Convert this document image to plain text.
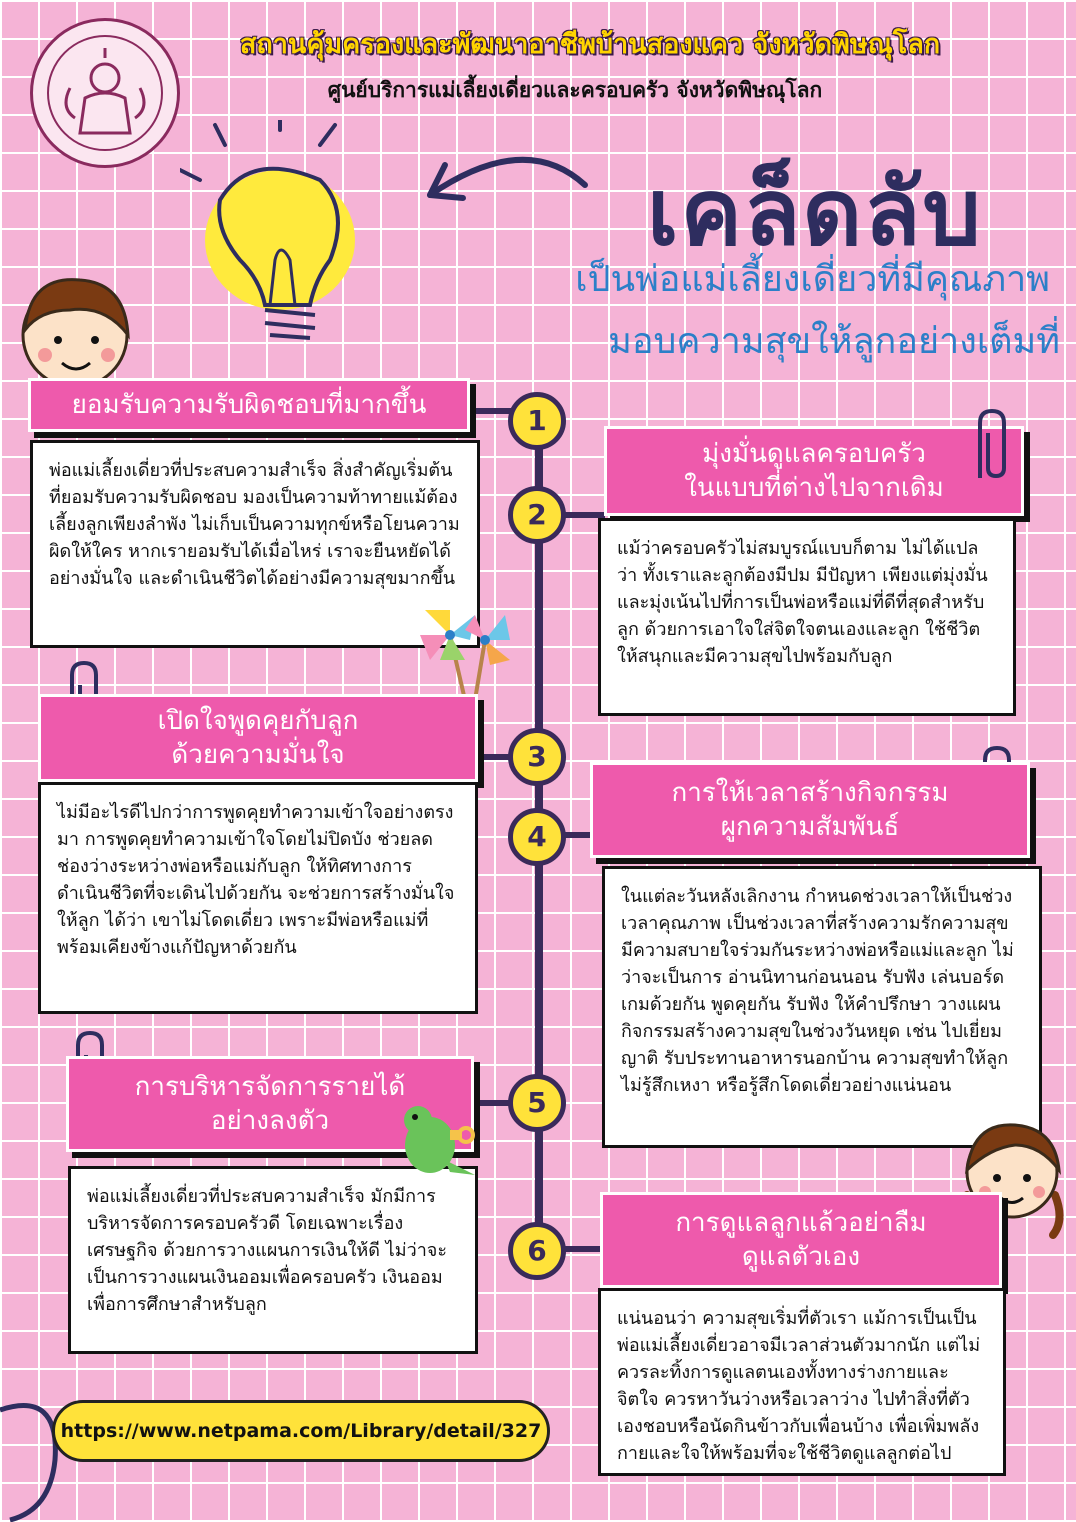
สถานคุ้มครองและพัฒนาอาชีพบ้านสองแคว จังหวัดพิษณุโลก
ศูนย์บริการแม่เลี้ยงเดี่ยวและครอบครัว จังหวัดพิษณุโลก
เคล็ดลับ
เป็นพ่อแม่เลี้ยงเดี่ยวที่มีคุณภาพ
มอบความสุขให้ลูกอย่างเต็มที่
1
2
3
4
5
6
ยอมรับความรับผิดชอบที่มากขึ้น
พ่อแม่เลี้ยงเดี่ยวที่ประสบความสำเร็จ สิ่งสำคัญเริ่มต้นที่ยอมรับความรับผิดชอบ มองเป็นความท้าทายแม้ต้องเลี้ยงลูกเพียงลำพัง ไม่เก็บเป็นความทุกข์หรือโยนความผิดให้ใคร หากเรายอมรับได้เมื่อไหร่ เราจะยืนหยัดได้อย่างมั่นใจ และดำเนินชีวิตได้อย่างมีความสุขมากขึ้น
มุ่งมั่นดูแลครอบครัว
ในแบบที่ต่างไปจากเดิม
แม้ว่าครอบครัวไม่สมบูรณ์แบบก็ตาม ไม่ได้แปลว่า ทั้งเราและลูกต้องมีปม มีปัญหา เพียงแต่มุ่งมั่นและมุ่งเน้นไปที่การเป็นพ่อหรือแม่ที่ดีที่สุดสำหรับลูก ด้วยการเอาใจใส่จิตใจตนเองและลูก ใช้ชีวิตให้สนุกและมีความสุขไปพร้อมกับลูก
เปิดใจพูดคุยกับลูก
ด้วยความมั่นใจ
ไม่มีอะไรดีไปกว่าการพูดคุยทำความเข้าใจอย่างตรงมา การพูดคุยทำความเข้าใจโดยไม่ปิดบัง ช่วยลดช่องว่างระหว่างพ่อหรือแม่กับลูก ให้ทิศทางการดำเนินชีวิตที่จะเดินไปด้วยกัน จะช่วยการสร้างมั่นใจให้ลูก ได้ว่า เขาไม่โดดเดี่ยว เพราะมีพ่อหรือแม่ที่พร้อมเคียงข้างแก้ปัญหาด้วยกัน
การให้เวลาสร้างกิจกรรม
ผูกความสัมพันธ์
ในแต่ละวันหลังเลิกงาน กำหนดช่วงเวลาให้เป็นช่วงเวลาคุณภาพ เป็นช่วงเวลาที่สร้างความรักความสุข มีความสบายใจร่วมกันระหว่างพ่อหรือแม่และลูก ไม่ว่าจะเป็นการ อ่านนิทานก่อนนอน รับฟัง เล่นบอร์ดเกมด้วยกัน พูดคุยกัน รับฟัง ให้คำปรึกษา วางแผนกิจกรรมสร้างความสุขในช่วงวันหยุด เช่น ไปเยี่ยมญาติ รับประทานอาหารนอกบ้าน ความสุขทำให้ลูกไม่รู้สึกเหงา หรือรู้สึกโดดเดี่ยวอย่างแน่นอน
การบริหารจัดการรายได้
อย่างลงตัว
พ่อแม่เลี้ยงเดี่ยวที่ประสบความสำเร็จ มักมีการบริหารจัดการครอบครัวดี โดยเฉพาะเรื่องเศรษฐกิจ ด้วยการวางแผนการเงินให้ดี ไม่ว่าจะเป็นการวางแผนเงินออมเพื่อครอบครัว เงินออมเพื่อการศึกษาสำหรับลูก
การดูแลลูกแล้วอย่าลืม
ดูแลตัวเอง
แน่นอนว่า ความสุขเริ่มที่ตัวเรา แม้การเป็นเป็นพ่อแม่เลี้ยงเดี่ยวอาจมีเวลาส่วนตัวมากนัก แต่ไม่ควรละทิ้งการดูแลตนเองทั้งทางร่างกายและจิตใจ ควรหาวันว่างหรือเวลาว่าง ไปทำสิ่งที่ตัวเองชอบหรือนัดกินข้าวกับเพื่อนบ้าง เพื่อเพิ่มพลังกายและใจให้พร้อมที่จะใช้ชีวิตดูแลลูกต่อไป
https://www.netpama.com/Library/detail/327
